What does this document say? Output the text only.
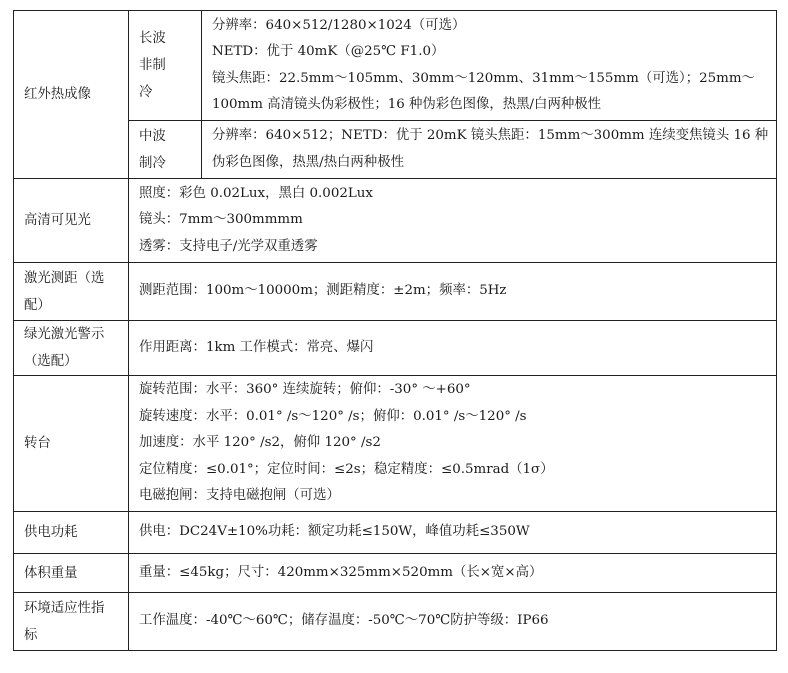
红外热成像	长波非制冷	分辨率：640×512/1280×1024（可选）
NETD：优于 40mK（@25℃ F1.0）
镜头焦距：22.5mm～105mm、30mm～120mm、31mm～155mm（可选）；25mm～100mm 高清镜头伪彩极性；16 种伪彩色图像，热黑/白两种极性

	中波制冷	分辨率：640×512；NETD：优于 20mK 镜头焦距：15mm～300mm 连续变焦镜头 16 种伪彩色图像，热黑/热白两种极性

高清可见光	照度：彩色 0.02Lux，黑白 0.002Lux
镜头：7mm～300mmmm
透雾：支持电子/光学双重透雾	

激光测距（选配）	测距范围：100m～10000m；测距精度：±2m；频率：5Hz	

绿光激光警示（选配）	作用距离：1km 工作模式：常亮、爆闪	

转台	旋转范围：水平：360° 连续旋转；俯仰：-30° ～+60°
旋转速度：水平：0.01° /s～120° /s；俯仰：0.01° /s～120° /s
加速度：水平 120° /s2，俯仰 120° /s2
定位精度：≤0.01°；定位时间：≤2s；稳定精度：≤0.5mrad（1σ）
电磁抱闸：支持电磁抱闸（可选）	

供电功耗	供电：DC24V±10%功耗：额定功耗≤150W，峰值功耗≤350W	

体积重量	重量：≤45kg；尺寸：420mm×325mm×520mm（长×宽×高）	

环境适应性指标	工作温度：-40℃～60℃；储存温度：-50℃～70℃防护等级：IP66	
